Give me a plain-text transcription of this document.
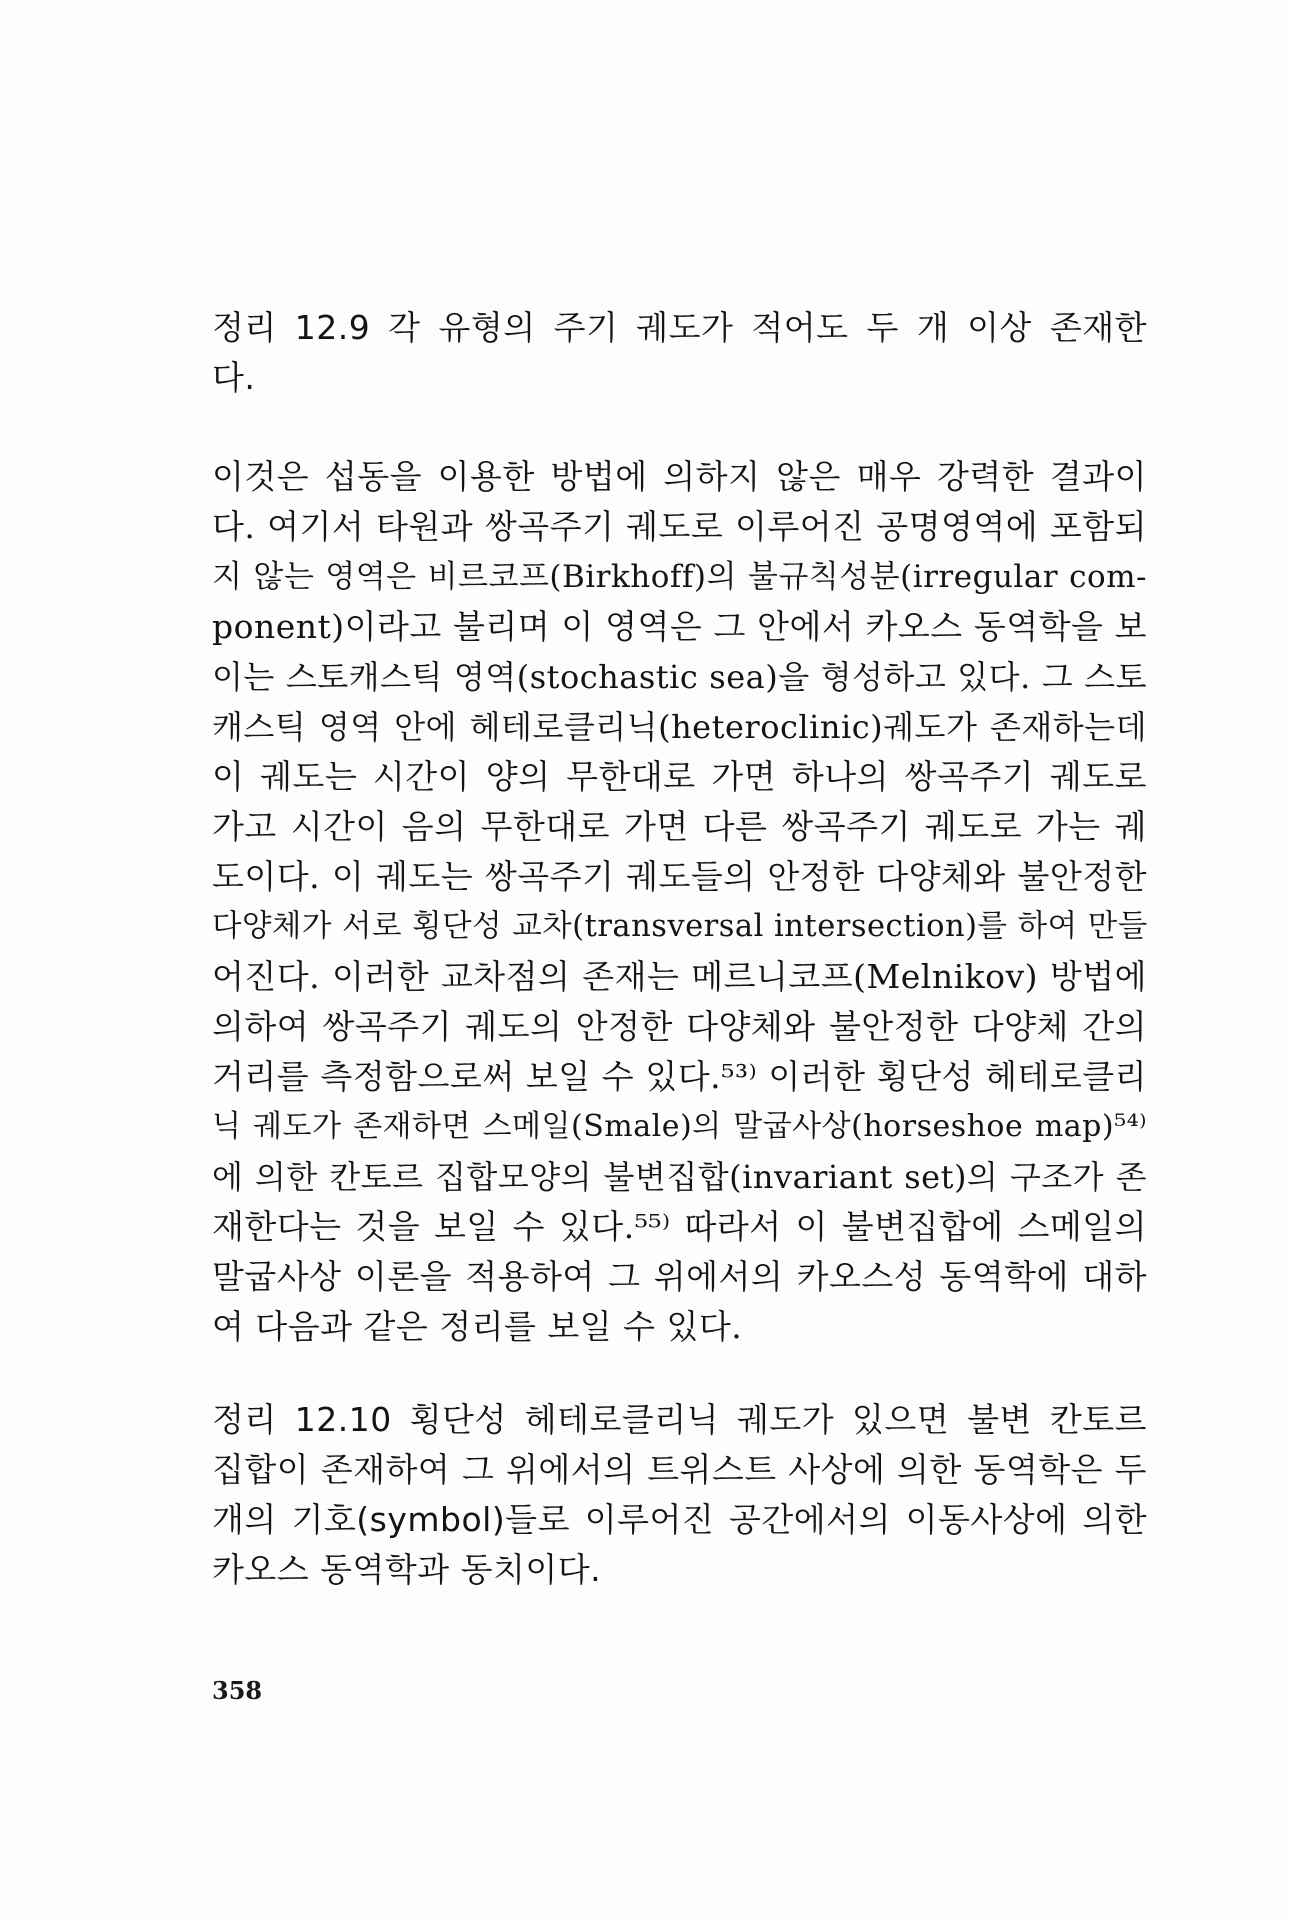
정리 12.9 각 유형의 주기 궤도가 적어도 두 개 이상 존재한
다.
이것은 섭동을 이용한 방법에 의하지 않은 매우 강력한 결과이
다. 여기서 타원과 쌍곡주기 궤도로 이루어진 공명영역에 포함되
지 않는 영역은 비르코프(Birkhoff)의 불규칙성분(irregular com-
ponent)이라고 불리며 이 영역은 그 안에서 카오스 동역학을 보
이는 스토캐스틱 영역(stochastic sea)을 형성하고 있다. 그 스토
캐스틱 영역 안에 헤테로클리닉(heteroclinic)궤도가 존재하는데
이 궤도는 시간이 양의 무한대로 가면 하나의 쌍곡주기 궤도로
가고 시간이 음의 무한대로 가면 다른 쌍곡주기 궤도로 가는 궤
도이다. 이 궤도는 쌍곡주기 궤도들의 안정한 다양체와 불안정한
다양체가 서로 횡단성 교차(transversal intersection)를 하여 만들
어진다. 이러한 교차점의 존재는 메르니코프(Melnikov) 방법에
의하여 쌍곡주기 궤도의 안정한 다양체와 불안정한 다양체 간의
거리를 측정함으로써 보일 수 있다.⁵³⁾ 이러한 횡단성 헤테로클리
닉 궤도가 존재하면 스메일(Smale)의 말굽사상(horseshoe map)⁵⁴⁾
에 의한 칸토르 집합모양의 불변집합(invariant set)의 구조가 존
재한다는 것을 보일 수 있다.⁵⁵⁾ 따라서 이 불변집합에 스메일의
말굽사상 이론을 적용하여 그 위에서의 카오스성 동역학에 대하
여 다음과 같은 정리를 보일 수 있다.
정리 12.10 횡단성 헤테로클리닉 궤도가 있으면 불변 칸토르
집합이 존재하여 그 위에서의 트위스트 사상에 의한 동역학은 두
개의 기호(symbol)들로 이루어진 공간에서의 이동사상에 의한
카오스 동역학과 동치이다.
358
